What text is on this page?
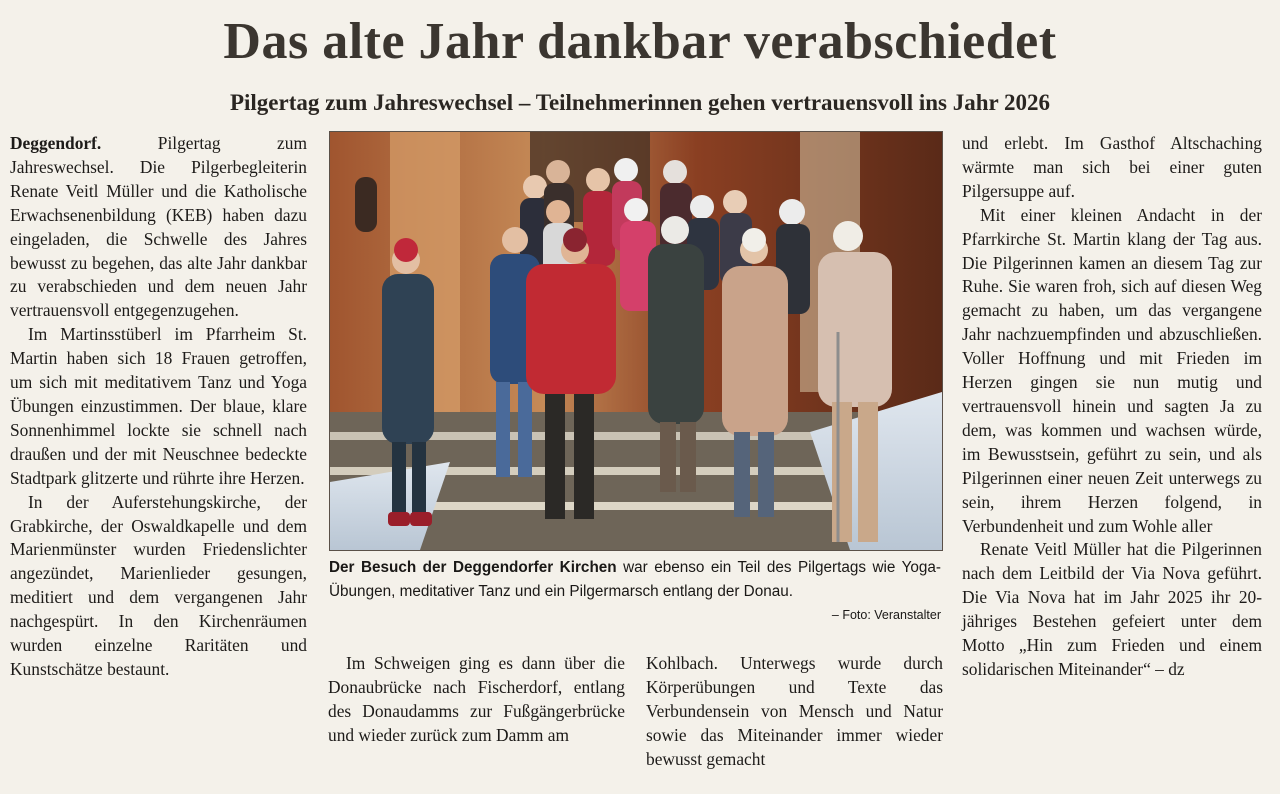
Das alte Jahr dankbar verabschiedet
Pilgertag zum Jahreswechsel – Teilnehmerinnen gehen vertrauensvoll ins Jahr 2026

Deggendorf.	Pilgertag zum Jahreswechsel. Die Pilgerbegleiterin Renate Veitl Müller und die Katholische Erwachsenenbildung (KEB) haben dazu eingeladen, die Schwelle des Jahres bewusst zu begehen, das alte Jahr dankbar zu verabschieden und dem neuen Jahr vertrauensvoll entgegenzugehen.

Im Martinsstüberl im Pfarrheim St. Martin haben sich 18 Frauen getroffen, um sich mit meditativem Tanz und Yoga Übungen einzustimmen. Der blaue, klare Sonnenhimmel lockte sie schnell nach draußen und der mit Neuschnee bedeckte Stadtpark glitzerte und rührte ihre Herzen.

In der Auferstehungskirche, der Grabkirche, der Oswaldkapelle und dem Marienmünster wurden Friedenslichter angezündet, Marienlieder gesungen, meditiert und dem vergangenen Jahr nachgespürt. In den Kirchenräumen wurden einzelne Raritäten und Kunstschätze bestaunt.

Der Besuch der Deggendorfer Kirchen war ebenso ein Teil des Pilgertags wie Yoga-Übungen, meditativer Tanz und ein Pilgermarsch entlang der Donau.
– Foto: Veranstalter

Im Schweigen ging es dann über die Donaubrücke nach Fischerdorf, entlang des Donaudamms zur Fußgängerbrücke und wieder zurück zum Damm am

Kohlbach. Unterwegs wurde durch Körperübungen und Texte das Verbundensein von Mensch und Natur sowie das Miteinander immer wieder bewusst gemacht

und erlebt. Im Gasthof Altschaching wärmte man sich bei einer guten Pilgersuppe auf.

Mit einer kleinen Andacht in der Pfarrkirche St. Martin klang der Tag aus. Die Pilgerinnen kamen an diesem Tag zur Ruhe. Sie waren froh, sich auf diesen Weg gemacht zu haben, um das vergangene Jahr nachzuempfinden und abzuschließen. Voller Hoffnung und mit Frieden im Herzen gingen sie nun mutig und vertrauensvoll hinein und sagten Ja zu dem, was kommen und wachsen würde, im Bewusstsein, geführt zu sein, und als Pilgerinnen einer neuen Zeit unterwegs zu sein, ihrem Herzen folgend, in Verbundenheit und zum Wohle aller

Renate Veitl Müller hat die Pilgerinnen nach dem Leitbild der Via Nova geführt. Die Via Nova hat im Jahr 2025 ihr 20-jähriges Bestehen gefeiert unter dem Motto „Hin zum Frieden und einem solidarischen Miteinander“ – dz
